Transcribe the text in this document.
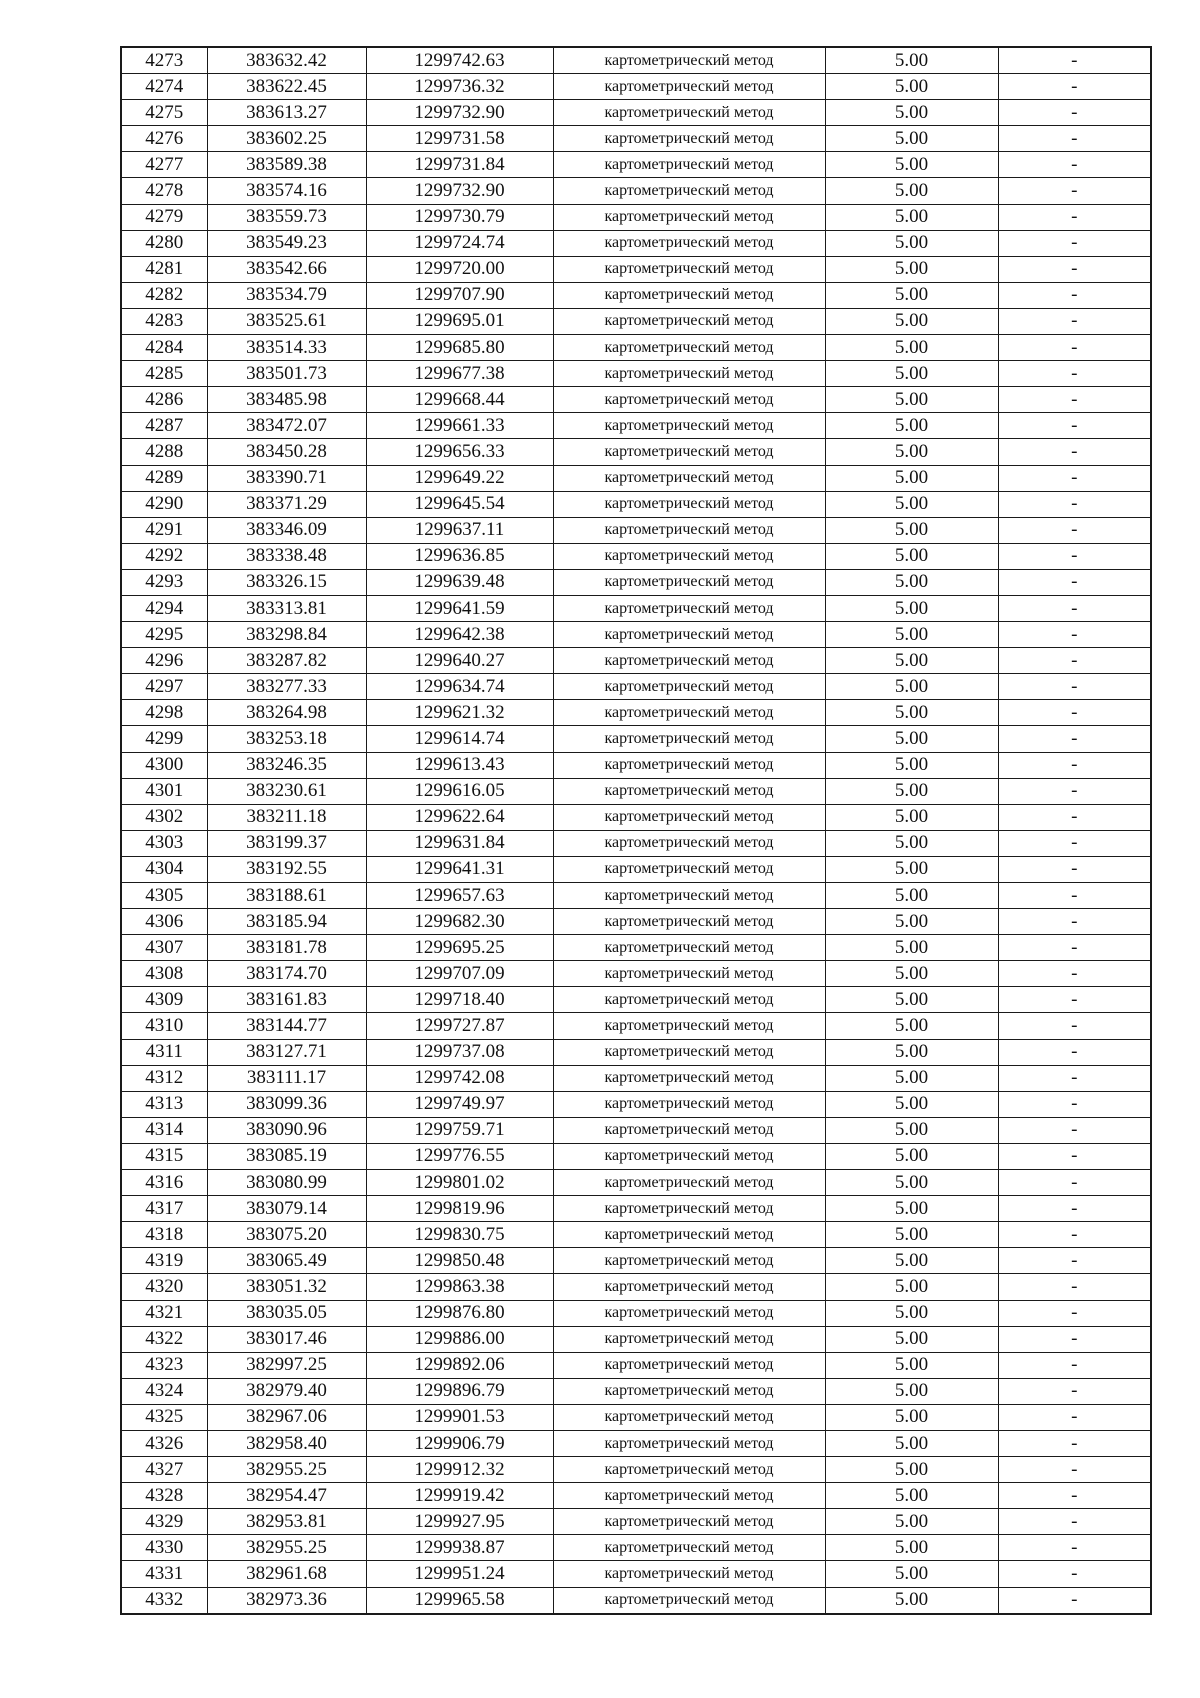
4273	383632.42	1299742.63	картометрический метод	5.00	-
4274	383622.45	1299736.32	картометрический метод	5.00	-
4275	383613.27	1299732.90	картометрический метод	5.00	-
4276	383602.25	1299731.58	картометрический метод	5.00	-
4277	383589.38	1299731.84	картометрический метод	5.00	-
4278	383574.16	1299732.90	картометрический метод	5.00	-
4279	383559.73	1299730.79	картометрический метод	5.00	-
4280	383549.23	1299724.74	картометрический метод	5.00	-
4281	383542.66	1299720.00	картометрический метод	5.00	-
4282	383534.79	1299707.90	картометрический метод	5.00	-
4283	383525.61	1299695.01	картометрический метод	5.00	-
4284	383514.33	1299685.80	картометрический метод	5.00	-
4285	383501.73	1299677.38	картометрический метод	5.00	-
4286	383485.98	1299668.44	картометрический метод	5.00	-
4287	383472.07	1299661.33	картометрический метод	5.00	-
4288	383450.28	1299656.33	картометрический метод	5.00	-
4289	383390.71	1299649.22	картометрический метод	5.00	-
4290	383371.29	1299645.54	картометрический метод	5.00	-
4291	383346.09	1299637.11	картометрический метод	5.00	-
4292	383338.48	1299636.85	картометрический метод	5.00	-
4293	383326.15	1299639.48	картометрический метод	5.00	-
4294	383313.81	1299641.59	картометрический метод	5.00	-
4295	383298.84	1299642.38	картометрический метод	5.00	-
4296	383287.82	1299640.27	картометрический метод	5.00	-
4297	383277.33	1299634.74	картометрический метод	5.00	-
4298	383264.98	1299621.32	картометрический метод	5.00	-
4299	383253.18	1299614.74	картометрический метод	5.00	-
4300	383246.35	1299613.43	картометрический метод	5.00	-
4301	383230.61	1299616.05	картометрический метод	5.00	-
4302	383211.18	1299622.64	картометрический метод	5.00	-
4303	383199.37	1299631.84	картометрический метод	5.00	-
4304	383192.55	1299641.31	картометрический метод	5.00	-
4305	383188.61	1299657.63	картометрический метод	5.00	-
4306	383185.94	1299682.30	картометрический метод	5.00	-
4307	383181.78	1299695.25	картометрический метод	5.00	-
4308	383174.70	1299707.09	картометрический метод	5.00	-
4309	383161.83	1299718.40	картометрический метод	5.00	-
4310	383144.77	1299727.87	картометрический метод	5.00	-
4311	383127.71	1299737.08	картометрический метод	5.00	-
4312	383111.17	1299742.08	картометрический метод	5.00	-
4313	383099.36	1299749.97	картометрический метод	5.00	-
4314	383090.96	1299759.71	картометрический метод	5.00	-
4315	383085.19	1299776.55	картометрический метод	5.00	-
4316	383080.99	1299801.02	картометрический метод	5.00	-
4317	383079.14	1299819.96	картометрический метод	5.00	-
4318	383075.20	1299830.75	картометрический метод	5.00	-
4319	383065.49	1299850.48	картометрический метод	5.00	-
4320	383051.32	1299863.38	картометрический метод	5.00	-
4321	383035.05	1299876.80	картометрический метод	5.00	-
4322	383017.46	1299886.00	картометрический метод	5.00	-
4323	382997.25	1299892.06	картометрический метод	5.00	-
4324	382979.40	1299896.79	картометрический метод	5.00	-
4325	382967.06	1299901.53	картометрический метод	5.00	-
4326	382958.40	1299906.79	картометрический метод	5.00	-
4327	382955.25	1299912.32	картометрический метод	5.00	-
4328	382954.47	1299919.42	картометрический метод	5.00	-
4329	382953.81	1299927.95	картометрический метод	5.00	-
4330	382955.25	1299938.87	картометрический метод	5.00	-
4331	382961.68	1299951.24	картометрический метод	5.00	-
4332	382973.36	1299965.58	картометрический метод	5.00	-
